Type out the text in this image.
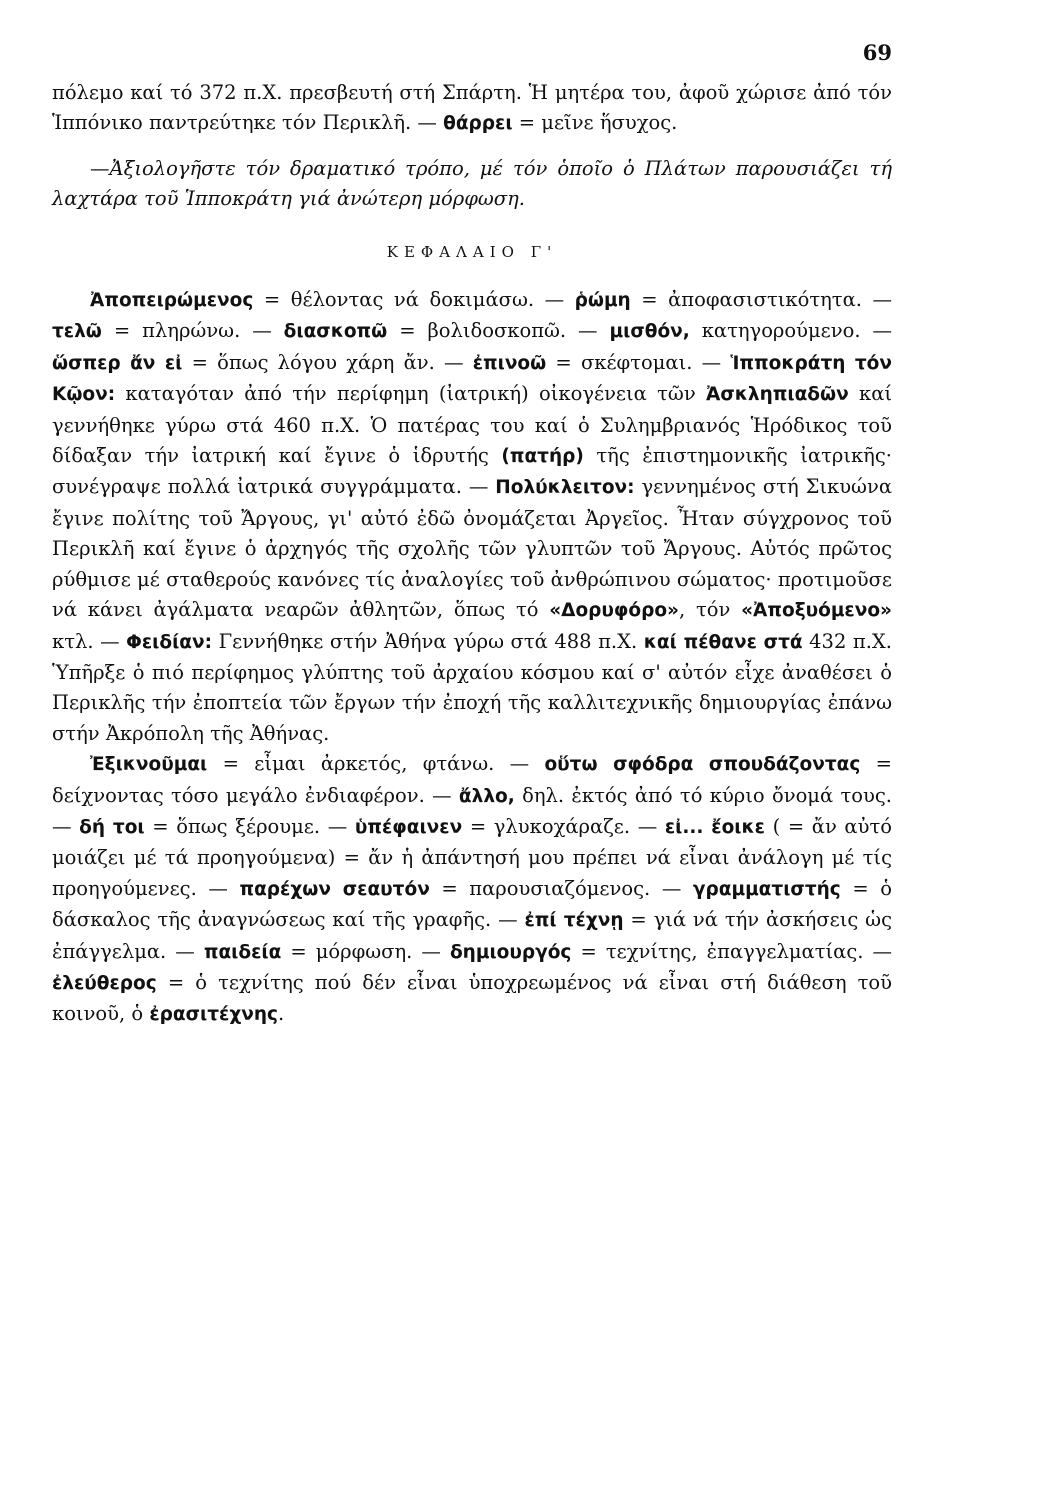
69

πόλεμο καί τό 372 π.Χ. πρεσβευτή στή Σπάρτη. Ἡ μητέρα του, ἀφοῦ χώρισε ἀπό τόν Ἱππόνικο παντρεύτηκε τόν Περικλῆ. — θάρρει = μεῖνε ἥσυχος.

—Ἀξιολογῆστε τόν δραματικό τρόπο, μέ τόν ὁποῖο ὁ Πλάτων παρουσιάζει τή λαχτάρα τοῦ Ἱπποκράτη γιά ἀνώτερη μόρφωση.

ΚΕΦΑΛΑΙΟ Γ'

Ἀποπειρώμενος = θέλοντας νά δοκιμάσω. — ῥώμη = ἀποφασιστικότητα. — τελῶ = πληρώνω. — διασκοπῶ = βολιδοσκοπῶ. — μισθόν, κατηγορούμενο. — ὥσπερ ἄν εἰ = ὅπως λόγου χάρη ἄν. — ἐπινοῶ = σκέφτομαι. — Ἱπποκράτη τόν Κῷον: καταγόταν ἀπό τήν περίφημη (ἰατρική) οἰκογένεια τῶν Ἀσκληπιαδῶν καί γεννήθηκε γύρω στά 460 π.Χ. Ὁ πατέρας του καί ὁ Συλημβριανός Ἡρόδικος τοῦ δίδαξαν τήν ἰατρική καί ἔγινε ὁ ἱδρυτής (πατήρ) τῆς ἐπιστημονικῆς ἰατρικῆς· συνέγραψε πολλά ἰατρικά συγγράμματα. — Πολύκλειτον: γεννημένος στή Σικυώνα ἔγινε πολίτης τοῦ Ἄργους, γι' αὐτό ἐδῶ ὀνομάζεται Ἀργεῖος. Ἦταν σύγχρονος τοῦ Περικλῆ καί ἔγινε ὁ ἀρχηγός τῆς σχολῆς τῶν γλυπτῶν τοῦ Ἄργους. Αὐτός πρῶτος ρύθμισε μέ σταθερούς κανόνες τίς ἀναλογίες τοῦ ἀνθρώπινου σώματος· προτιμοῦσε νά κάνει ἀγάλματα νεαρῶν ἀθλητῶν, ὅπως τό «Δορυφόρο», τόν «Ἀποξυόμενο» κτλ. — Φειδίαν: Γεννήθηκε στήν Ἀθήνα γύρω στά 488 π.Χ. καί πέθανε στά 432 π.Χ. Ὑπῆρξε ὁ πιό περίφημος γλύπτης τοῦ ἀρχαίου κόσμου καί σ' αὐτόν εἶχε ἀναθέσει ὁ Περικλῆς τήν ἐποπτεία τῶν ἔργων τήν ἐποχή τῆς καλλιτεχνικῆς δημιουργίας ἐπάνω στήν Ἀκρόπολη τῆς Ἀθήνας.

Ἐξικνοῦμαι = εἶμαι ἀρκετός, φτάνω. — οὕτω σφόδρα σπουδάζοντας = δείχνοντας τόσο μεγάλο ἐνδιαφέρον. — ἄλλο, δηλ. ἐκτός ἀπό τό κύριο ὄνομά τους. — δή τοι = ὅπως ξέρουμε. — ὑπέφαινεν = γλυκοχάραζε. — εἰ... ἔοικε ( = ἄν αὐτό μοιάζει μέ τά προηγούμενα) = ἄν ἡ ἀπάντησή μου πρέπει νά εἶναι ἀνάλογη μέ τίς προηγούμενες. — παρέχων σεαυτόν = παρουσιαζόμενος. — γραμματιστής = ὁ δάσκαλος τῆς ἀναγνώσεως καί τῆς γραφῆς. — ἐπί τέχνῃ = γιά νά τήν ἀσκήσεις ὡς ἐπάγγελμα. — παιδεία = μόρφωση. — δημιουργός = τεχνίτης, ἐπαγγελματίας. — ἐλεύθερος = ὁ τεχνίτης πού δέν εἶναι ὑποχρεωμένος νά εἶναι στή διάθεση τοῦ κοινοῦ, ὁ ἐρασιτέχνης.
